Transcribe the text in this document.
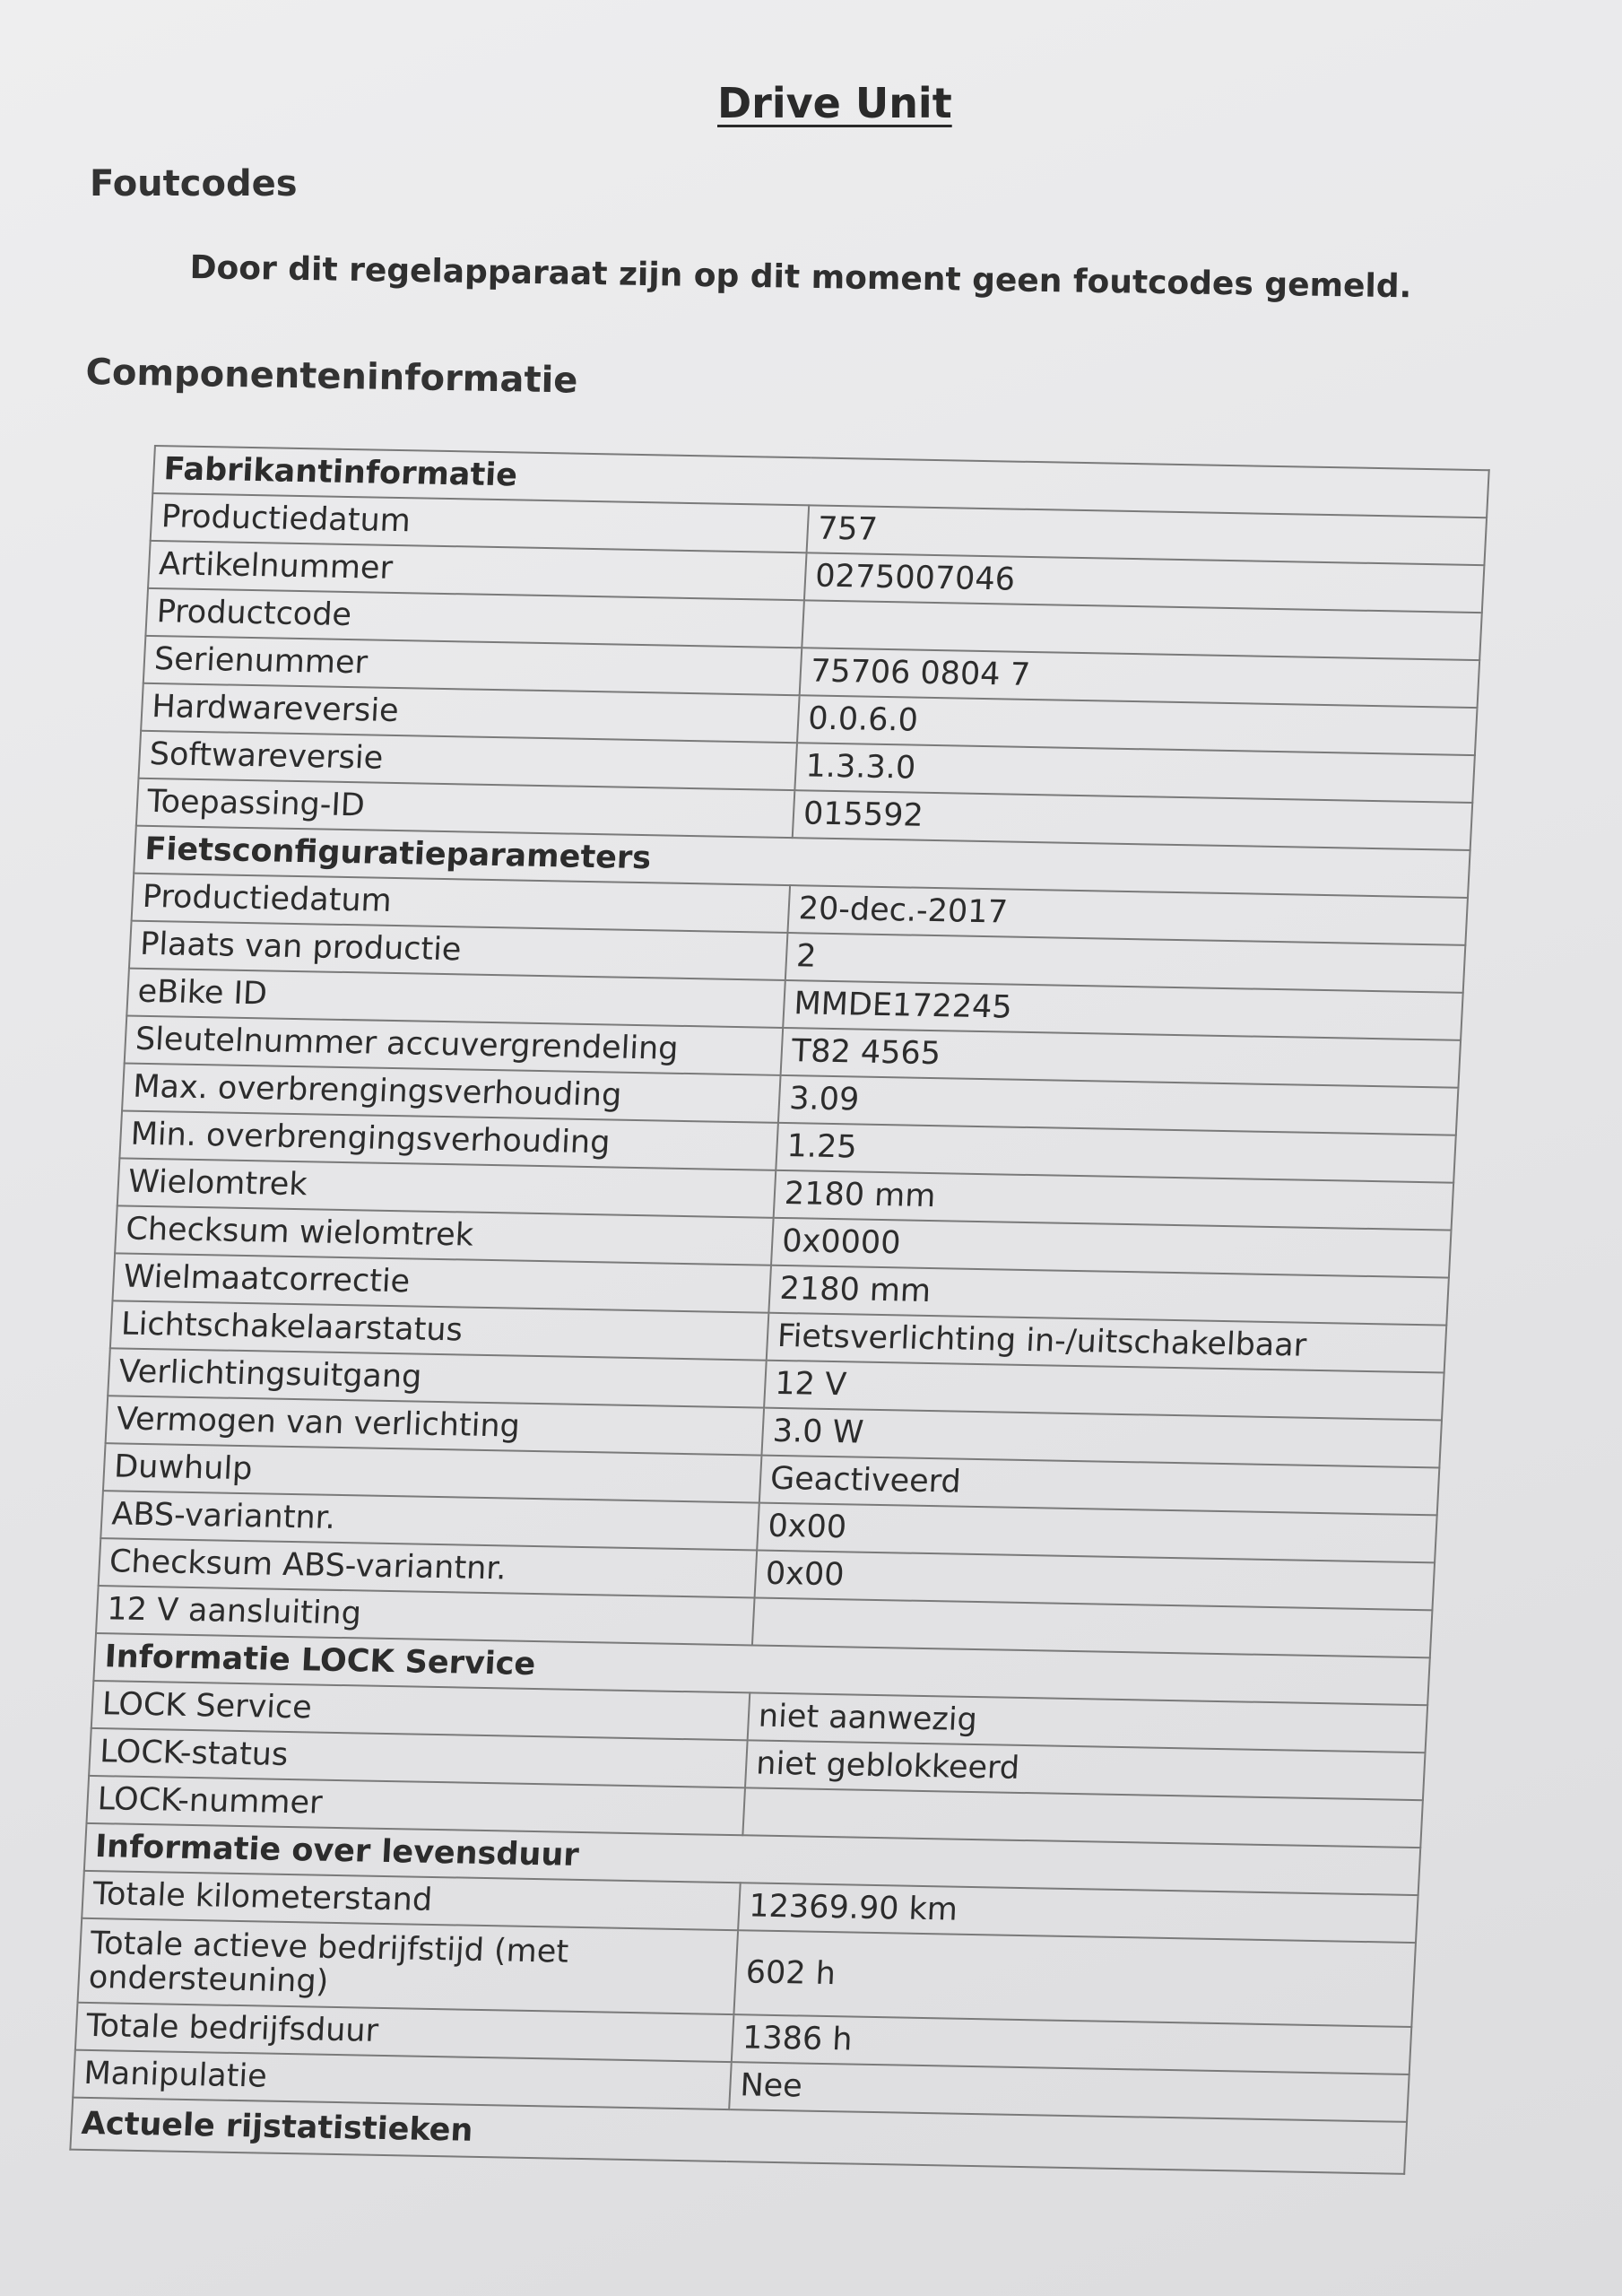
Drive Unit
Foutcodes
Door dit regelapparaat zijn op dit moment geen foutcodes gemeld.
Componenteninformatie
Fabrikantinformatie	
Productiedatum	757
Artikelnummer	0275007046
Productcode	
Serienummer	75706 0804 7
Hardwareversie	0.0.6.0
Softwareversie	1.3.3.0
Toepassing-ID	015592
Fietsconfiguratieparameters	
Productiedatum	20-dec.-2017
Plaats van productie	2
eBike ID	MMDE172245
Sleutelnummer accuvergrendeling	T82 4565
Max. overbrengingsverhouding	3.09
Min. overbrengingsverhouding	1.25
Wielomtrek	2180 mm
Checksum wielomtrek	0x0000
Wielmaatcorrectie	2180 mm
Lichtschakelaarstatus	Fietsverlichting in-/uitschakelbaar
Verlichtingsuitgang	12 V
Vermogen van verlichting	3.0 W
Duwhulp	Geactiveerd
ABS-variantnr.	0x00
Checksum ABS-variantnr.	0x00
12 V aansluiting	
Informatie LOCK Service	
LOCK Service	niet aanwezig
LOCK-status	niet geblokkeerd
LOCK-nummer	
Informatie over levensduur	
Totale kilometerstand	12369.90 km
Totale actieve bedrijfstijd (met ondersteuning)	602 h
Totale bedrijfsduur	1386 h
Manipulatie	Nee
Actuele rijstatistieken	
